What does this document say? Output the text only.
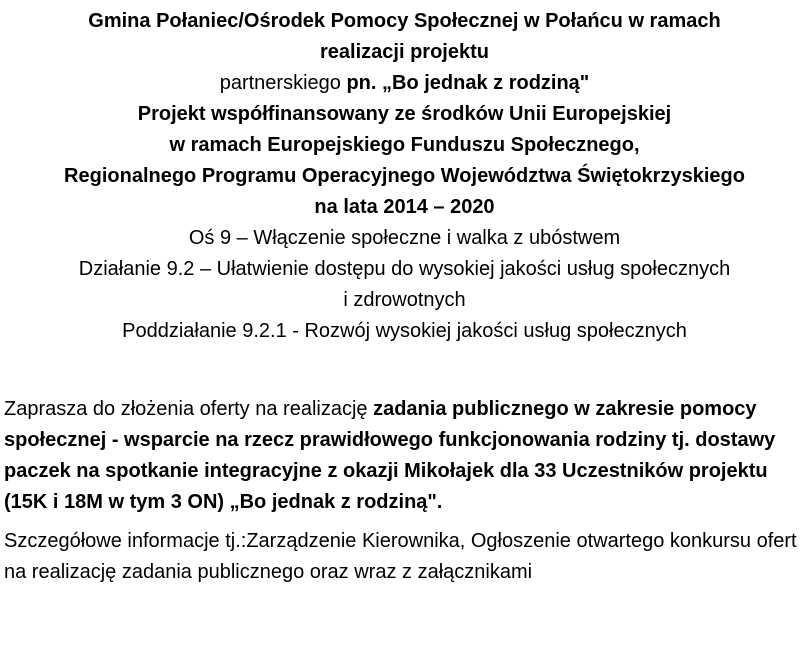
Gmina Połaniec/Ośrodek Pomocy Społecznej w Połańcu w ramach
realizacji projektu
partnerskiego pn. „Bo jednak z rodziną"
Projekt współfinansowany ze środków Unii Europejskiej
w ramach Europejskiego Funduszu Społecznego,
Regionalnego Programu Operacyjnego Województwa Świętokrzyskiego
na lata 2014 – 2020
Oś 9 – Włączenie społeczne i walka z ubóstwem
Działanie 9.2 – Ułatwienie dostępu do wysokiej jakości usług społecznych
i zdrowotnych
Poddziałanie 9.2.1 - Rozwój wysokiej jakości usług społecznych

Zaprasza do złożenia oferty na realizację zadania publicznego w zakresie pomocy społecznej - wsparcie na rzecz prawidłowego funkcjonowania rodziny tj. dostawy paczek na spotkanie integracyjne z okazji Mikołajek dla 33 Uczestników projektu (15K i 18M w tym 3 ON) „Bo jednak z rodziną".

Szczegółowe informacje tj.:Zarządzenie Kierownika, Ogłoszenie otwartego konkursu ofert na realizację zadania publicznego oraz wraz z załącznikami
